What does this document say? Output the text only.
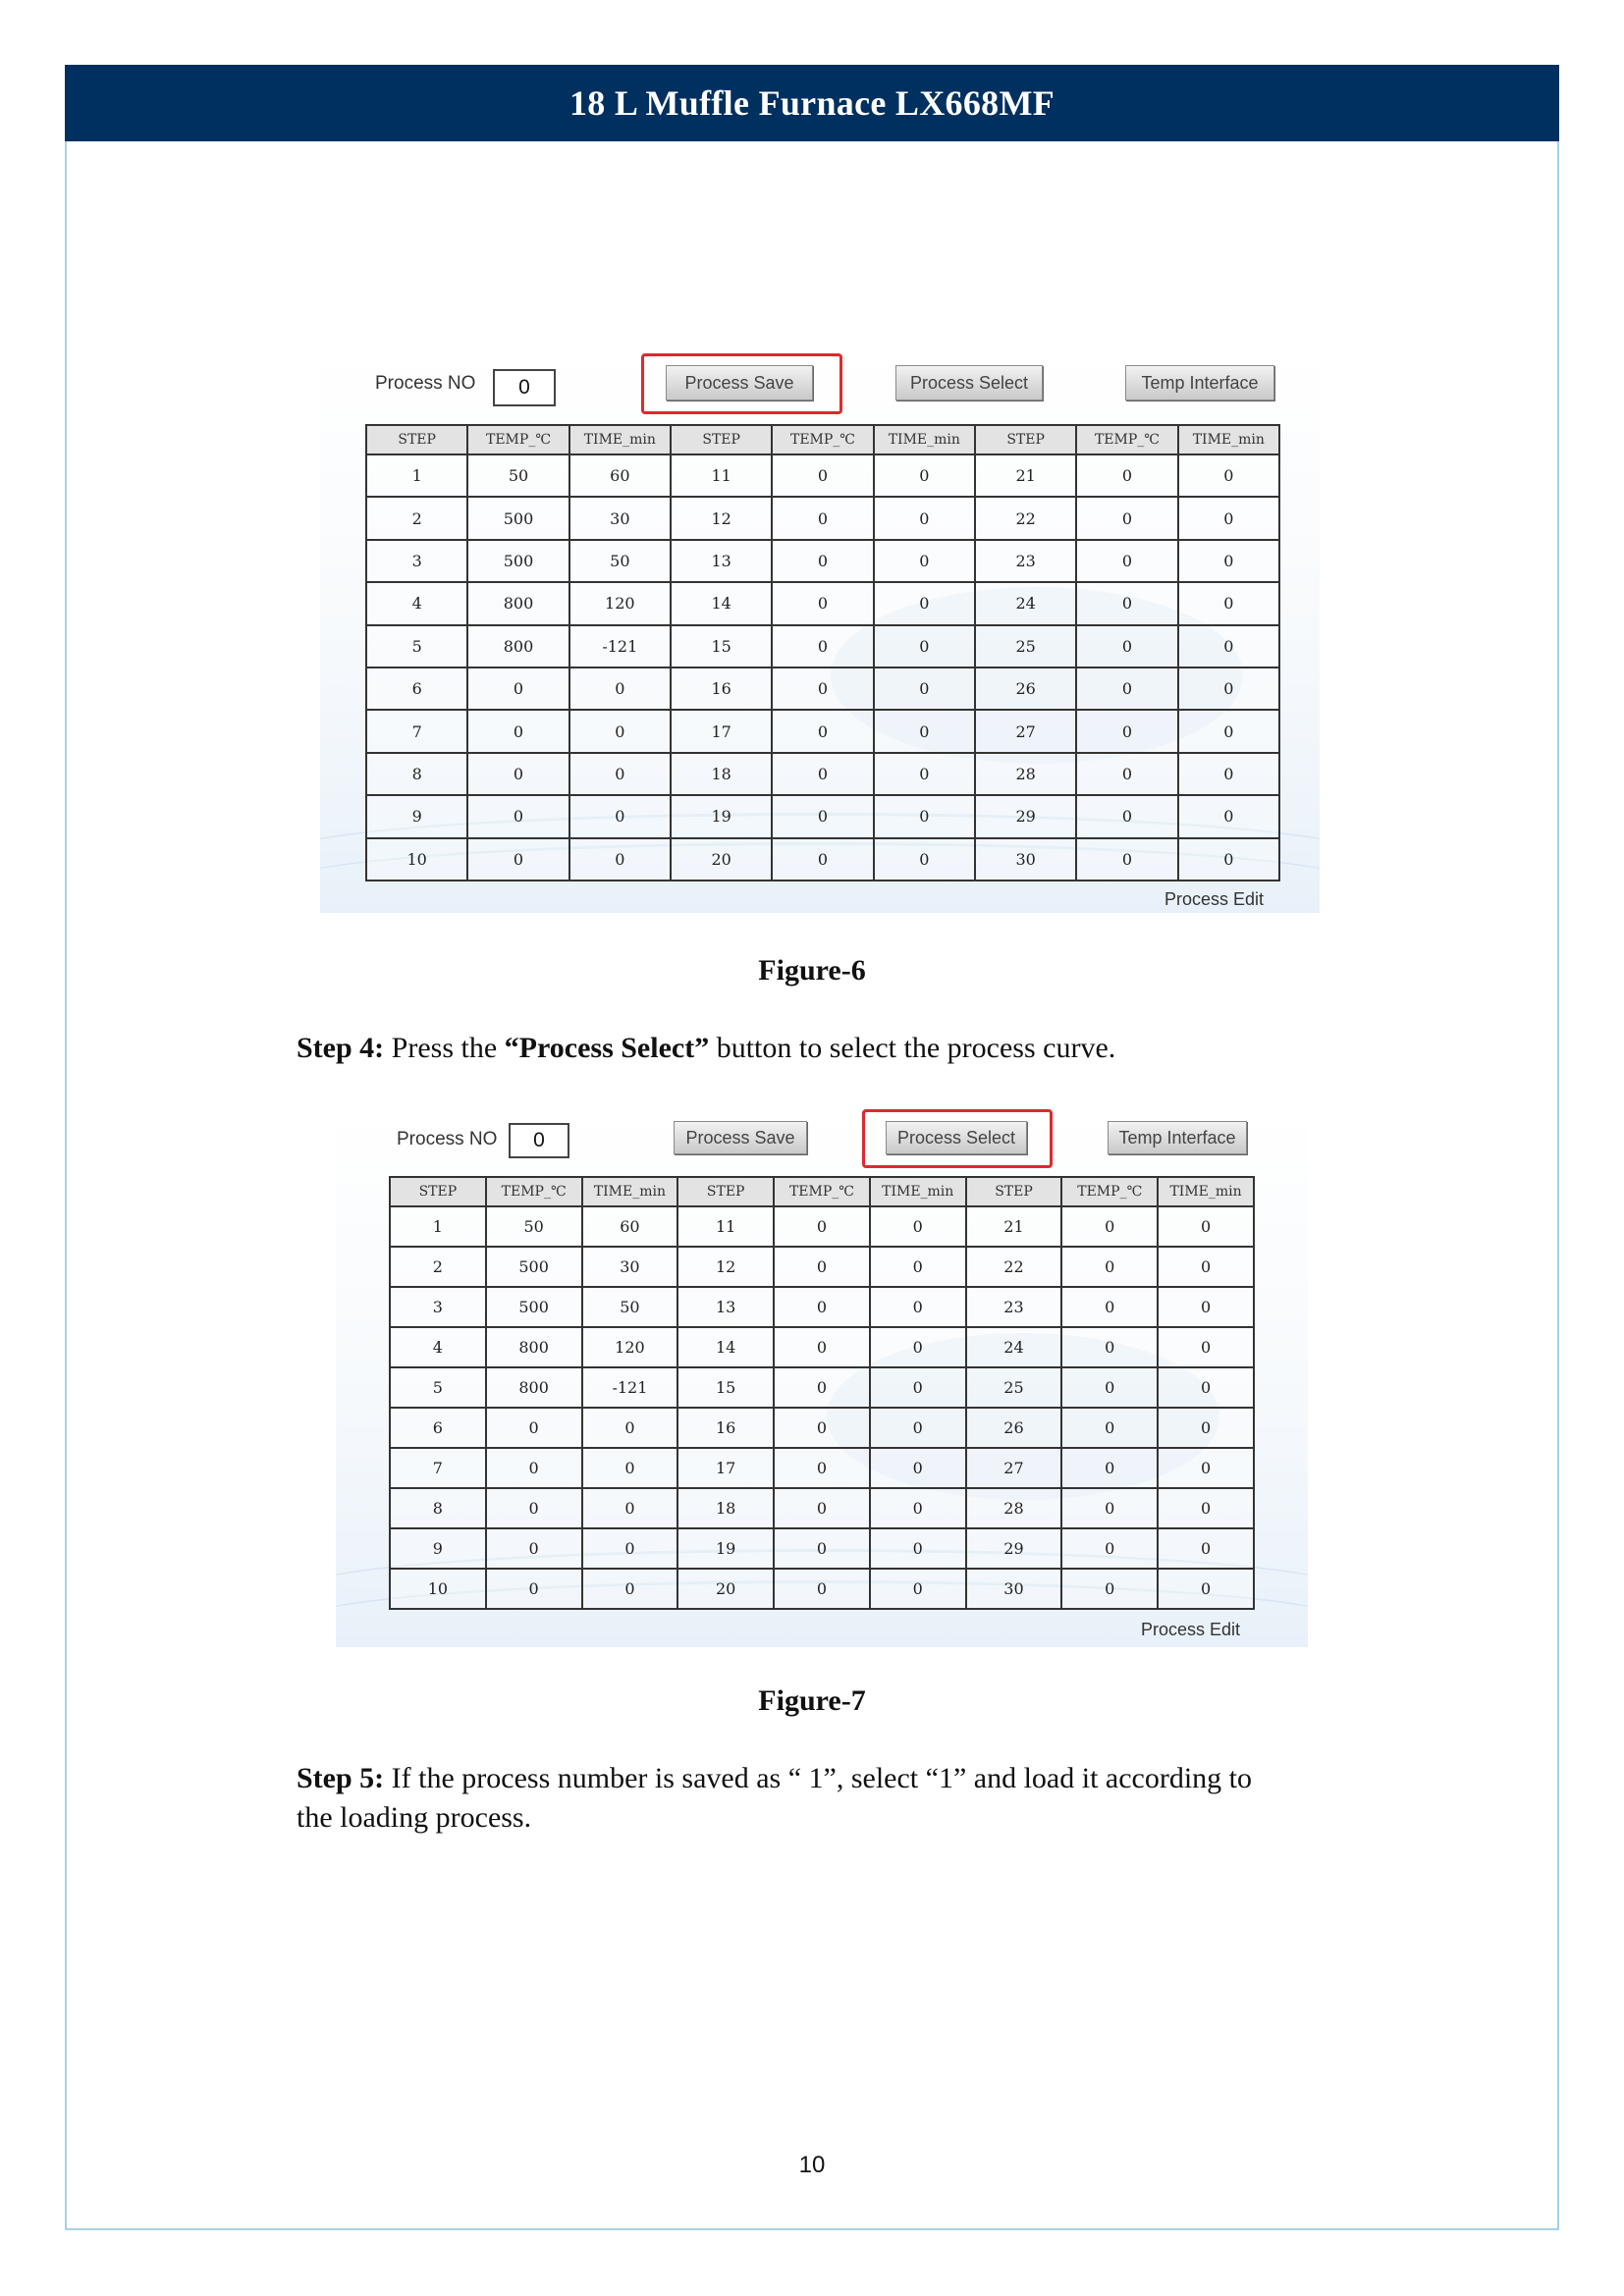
18 L Muffle Furnace LX668MF
Process NO	0	Process Save	Process Select	Temp Interface
STEP	TEMP_℃	TIME_min	STEP	TEMP_℃	TIME_min	STEP	TEMP_℃	TIME_min
1	50	60	11	0	0	21	0	0
2	500	30	12	0	0	22	0	0
3	500	50	13	0	0	23	0	0
4	800	120	14	0	0	24	0	0
5	800	-121	15	0	0	25	0	0
6	0	0	16	0	0	26	0	0
7	0	0	17	0	0	27	0	0
8	0	0	18	0	0	28	0	0
9	0	0	19	0	0	29	0	0
10	0	0	20	0	0	30	0	0
Process Edit
Figure-6
Step 4: Press the “Process Select” button to select the process curve.
Process NO	0	Process Save	Process Select	Temp Interface
STEP	TEMP_℃	TIME_min	STEP	TEMP_℃	TIME_min	STEP	TEMP_℃	TIME_min
1	50	60	11	0	0	21	0	0
2	500	30	12	0	0	22	0	0
3	500	50	13	0	0	23	0	0
4	800	120	14	0	0	24	0	0
5	800	-121	15	0	0	25	0	0
6	0	0	16	0	0	26	0	0
7	0	0	17	0	0	27	0	0
8	0	0	18	0	0	28	0	0
9	0	0	19	0	0	29	0	0
10	0	0	20	0	0	30	0	0
Process Edit
Figure-7
Step 5: If the process number is saved as “ 1”, select “1” and load it according to
the loading process.
10
